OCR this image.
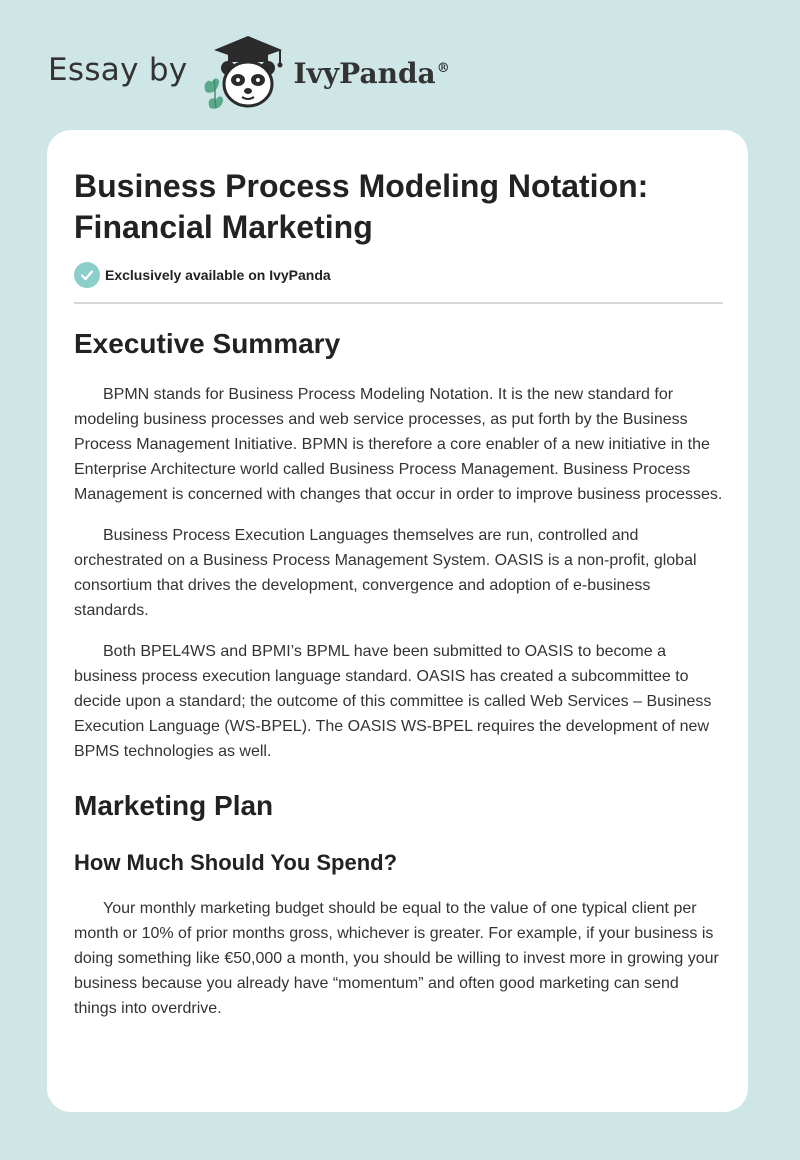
Essay by	IvyPanda®
Business Process Modeling Notation:
Financial Marketing
Exclusively available on IvyPanda
Executive Summary

BPMN stands for Business Process Modeling Notation. It is the new standard for modeling business processes and web service processes, as put forth by the Business Process Management Initiative. BPMN is therefore a core enabler of a new initiative in the Enterprise Architecture world called Business Process Management. Business Process Management is concerned with changes that occur in order to improve business processes.

Business Process Execution Languages themselves are run, controlled and orchestrated on a Business Process Management System. OASIS is a non-profit, global consortium that drives the development, convergence and adoption of e-business standards.

Both BPEL4WS and BPMI’s BPML have been submitted to OASIS to become a business process execution language standard. OASIS has created a subcommittee to decide upon a standard; the outcome of this committee is called Web Services – Business Execution Language (WS-BPEL). The OASIS WS-BPEL requires the development of new BPMS technologies as well.

Marketing Plan
How Much Should You Spend?

Your monthly marketing budget should be equal to the value of one typical client per month or 10% of prior months gross, whichever is greater. For example, if your business is doing something like €50,000 a month, you should be willing to invest more in growing your business because you already have “momentum” and often good marketing can send things into overdrive.
